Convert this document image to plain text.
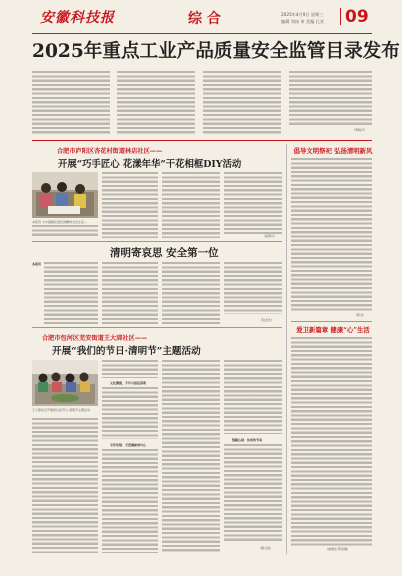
安徽科技报	综 合	2025年4月9日 星期三
编辑 刘冰 审 美编 孔亚 09
2025年重点工业产品质量安全监管目录发布
（罗晓平）
合肥市庐阳区杏花村街道林店社区——
开展“巧手匠心 花漾年华”干花相框DIY活动
本报讯 为丰富辖区居民的精神文化生活…
（高德兵）
清明寄哀思 安全第一位
本报讯
（阮会杰）
合肥市包河区芜安街道王大郢社区——
开展“我们的节日·清明节”主题活动
王大郢社区开展我们的节日·清明节主题活动
文化溯源，千年习俗话清明
手作传情：艾香满家承巧心
情暖心窝：传承的节奏
（谢文波）
倡导文明祭祀 弘扬清明新风
（陈龙）
爱卫新篇章 健康“心”生活
（戚维洁 陈培楠）
